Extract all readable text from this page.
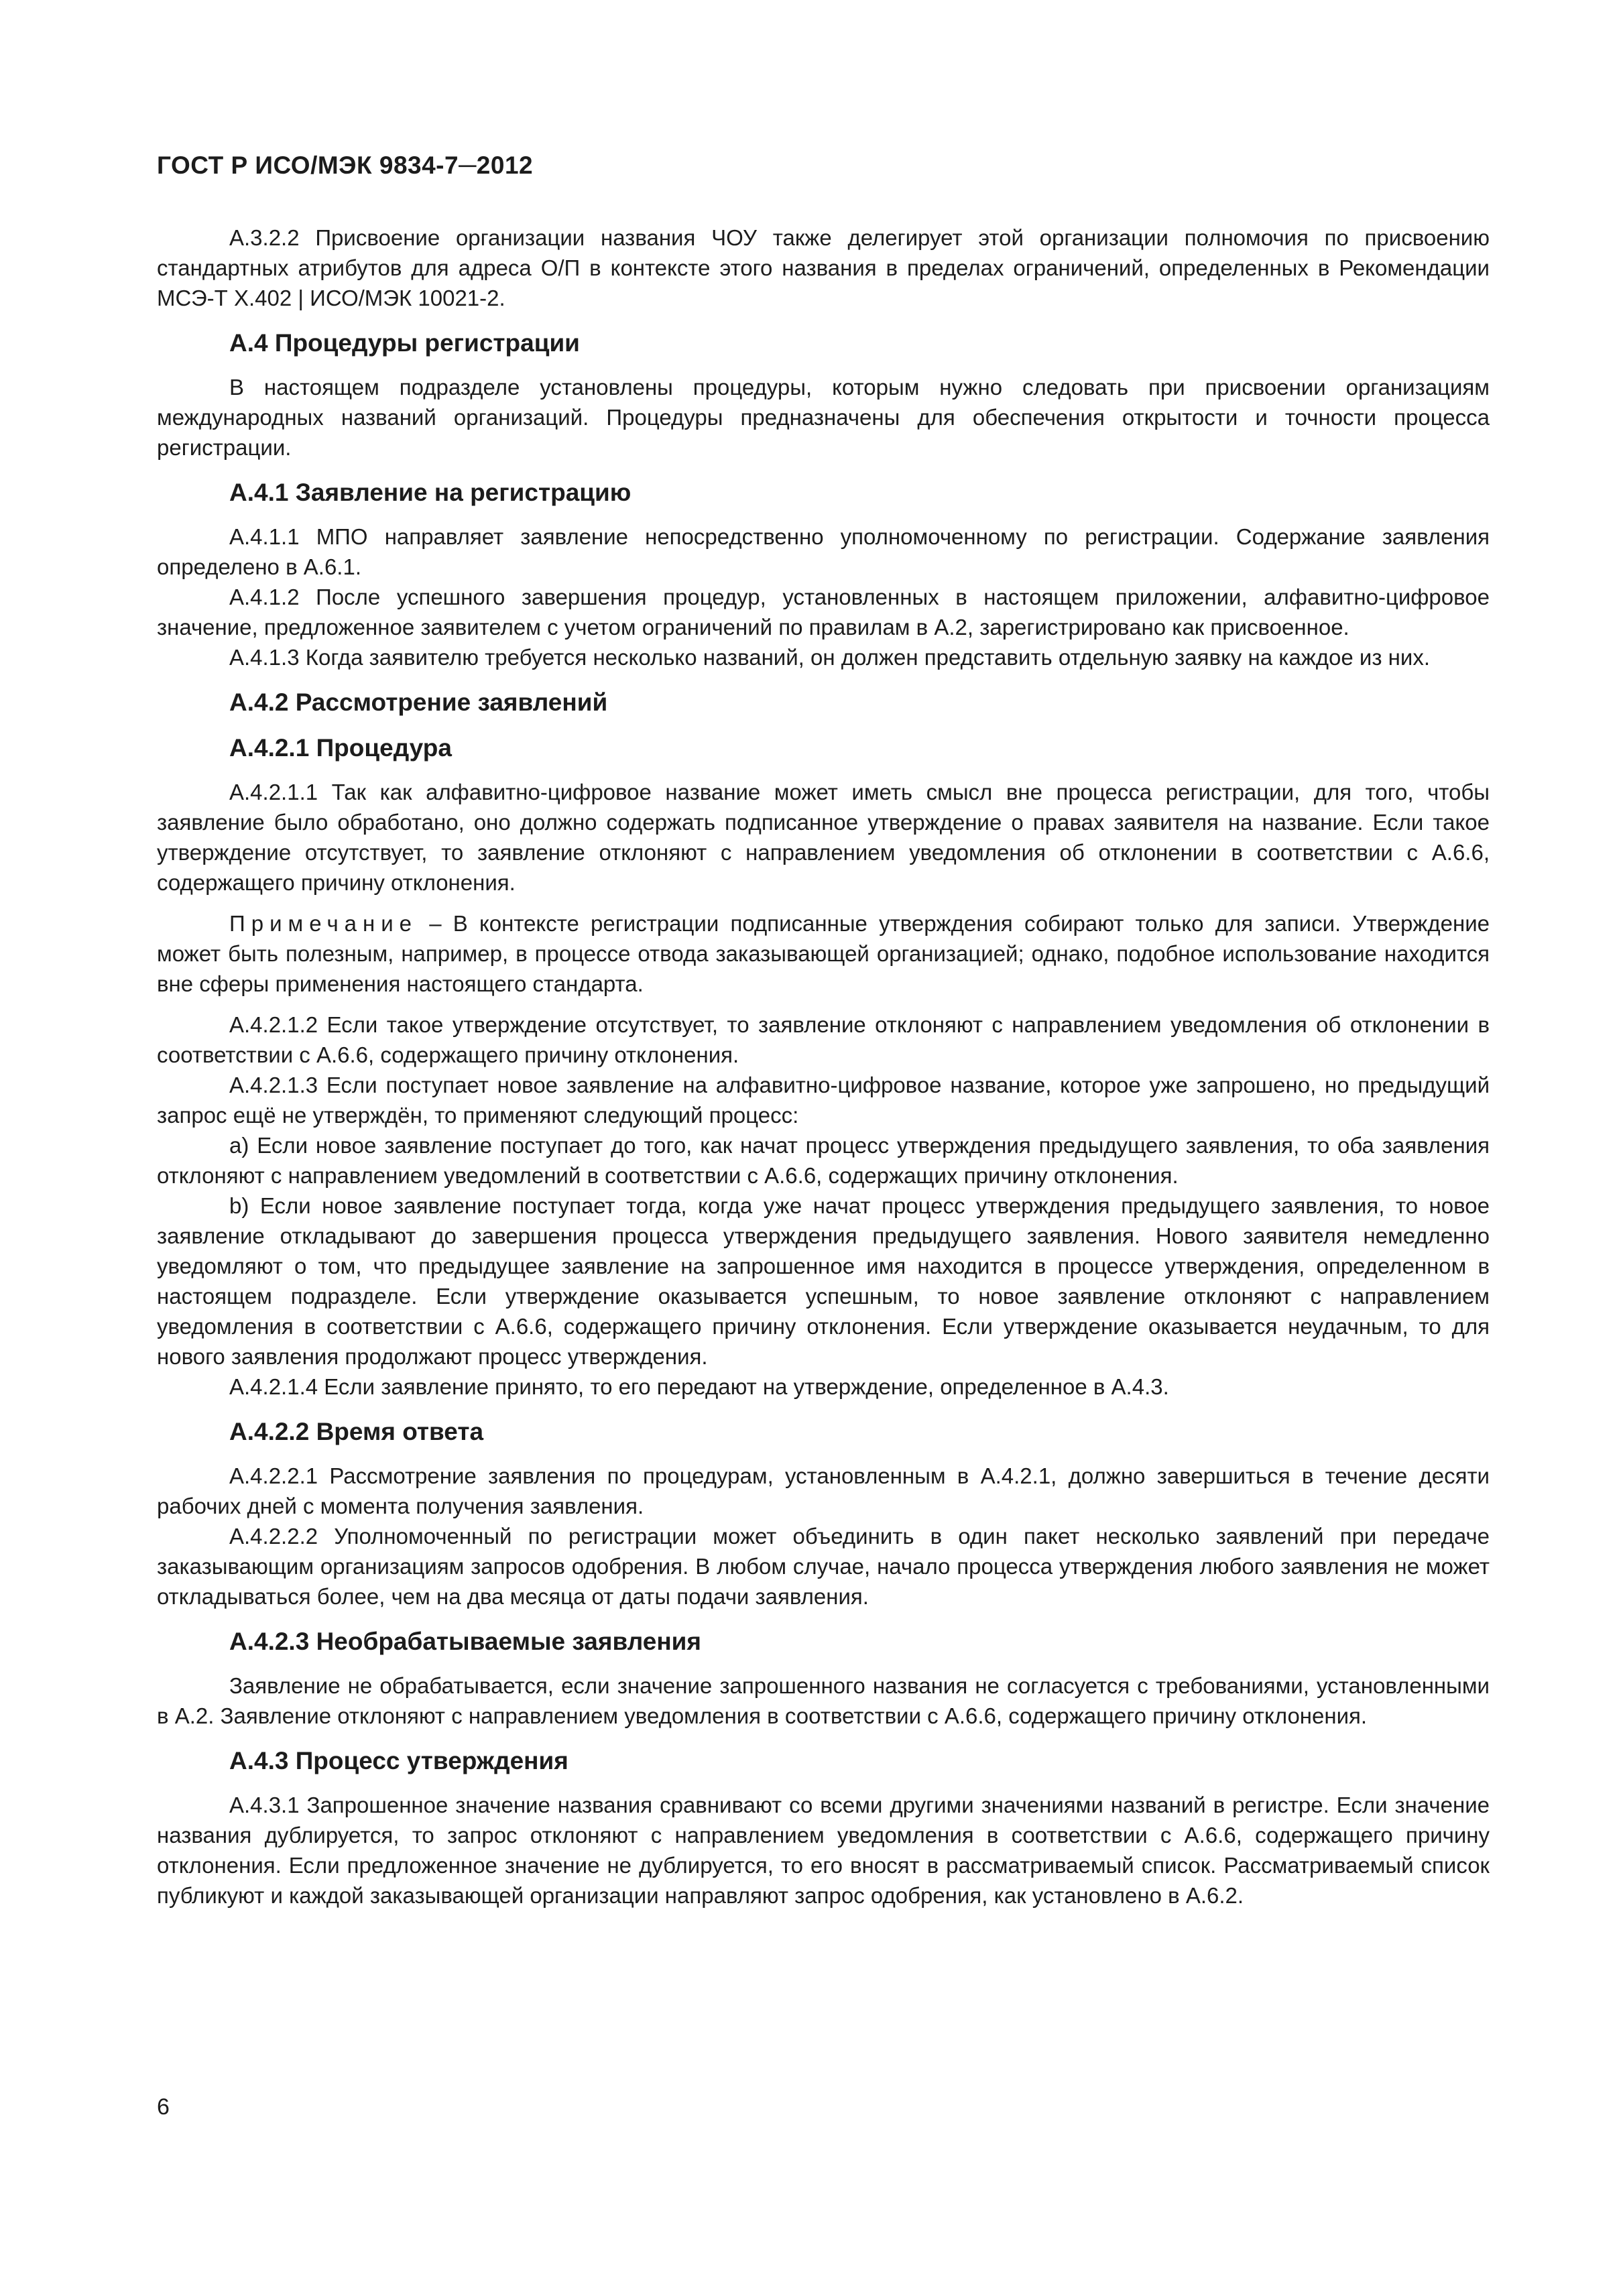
ГОСТ Р ИСО/МЭК 9834-7─2012

А.3.2.2 Присвоение организации названия ЧОУ также делегирует этой организации полномочия по присвоению стандартных атрибутов для адреса О/П в контексте этого названия в пределах ограничений, определенных в Рекомендации МСЭ-Т X.402 | ИСО/МЭК 10021-2.

А.4 Процедуры регистрации

В настоящем подразделе установлены процедуры, которым нужно следовать при присвоении организациям международных названий организаций. Процедуры предназначены для обеспечения открытости и точности процесса регистрации.

А.4.1 Заявление на регистрацию

А.4.1.1 МПО направляет заявление непосредственно уполномоченному по регистрации. Содержание заявления определено в А.6.1.

А.4.1.2 После успешного завершения процедур, установленных в настоящем приложении, алфавитно-цифровое значение, предложенное заявителем с учетом ограничений по правилам в А.2, зарегистрировано как присвоенное.

А.4.1.3 Когда заявителю требуется несколько названий, он должен представить отдельную заявку на каждое из них.

А.4.2 Рассмотрение заявлений
А.4.2.1 Процедура

А.4.2.1.1 Так как алфавитно-цифровое название может иметь смысл вне процесса регистрации, для того, чтобы заявление было обработано, оно должно содержать подписанное утверждение о правах заявителя на название. Если такое утверждение отсутствует, то заявление отклоняют с направлением уведомления об отклонении в соответствии с А.6.6, содержащего причину отклонения.

Примечание – В контексте регистрации подписанные утверждения собирают только для записи. Утверждение может быть полезным, например, в процессе отвода заказывающей организацией; однако, подобное использование находится вне сферы применения настоящего стандарта.

А.4.2.1.2 Если такое утверждение отсутствует, то заявление отклоняют с направлением уведомления об отклонении в соответствии с А.6.6, содержащего причину отклонения.

А.4.2.1.3 Если поступает новое заявление на алфавитно-цифровое название, которое уже запрошено, но предыдущий запрос ещё не утверждён, то применяют следующий процесс:

a) Если новое заявление поступает до того, как начат процесс утверждения предыдущего заявления, то оба заявления отклоняют с направлением уведомлений в соответствии с А.6.6, содержащих причину отклонения.

b) Если новое заявление поступает тогда, когда уже начат процесс утверждения предыдущего заявления, то новое заявление откладывают до завершения процесса утверждения предыдущего заявления. Нового заявителя немедленно уведомляют о том, что предыдущее заявление на запрошенное имя находится в процессе утверждения, определенном в настоящем подразделе. Если утверждение оказывается успешным, то новое заявление отклоняют с направлением уведомления в соответствии с А.6.6, содержащего причину отклонения. Если утверждение оказывается неудачным, то для нового заявления продолжают процесс утверждения.

А.4.2.1.4 Если заявление принято, то его передают на утверждение, определенное в А.4.3.

А.4.2.2 Время ответа

А.4.2.2.1 Рассмотрение заявления по процедурам, установленным в А.4.2.1, должно завершиться в течение десяти рабочих дней с момента получения заявления.

А.4.2.2.2 Уполномоченный по регистрации может объединить в один пакет несколько заявлений при передаче заказывающим организациям запросов одобрения. В любом случае, начало процесса утверждения любого заявления не может откладываться более, чем на два месяца от даты подачи заявления.

А.4.2.3 Необрабатываемые заявления

Заявление не обрабатывается, если значение запрошенного названия не согласуется с требованиями, установленными в А.2. Заявление отклоняют с направлением уведомления в соответствии с А.6.6, содержащего причину отклонения.

А.4.3 Процесс утверждения

А.4.3.1 Запрошенное значение названия сравнивают со всеми другими значениями названий в регистре. Если значение названия дублируется, то запрос отклоняют с направлением уведомления в соответствии с А.6.6, содержащего причину отклонения. Если предложенное значение не дублируется, то его вносят в рассматриваемый список. Рассматриваемый список публикуют и каждой заказывающей организации направляют запрос одобрения, как установлено в А.6.2.

6
